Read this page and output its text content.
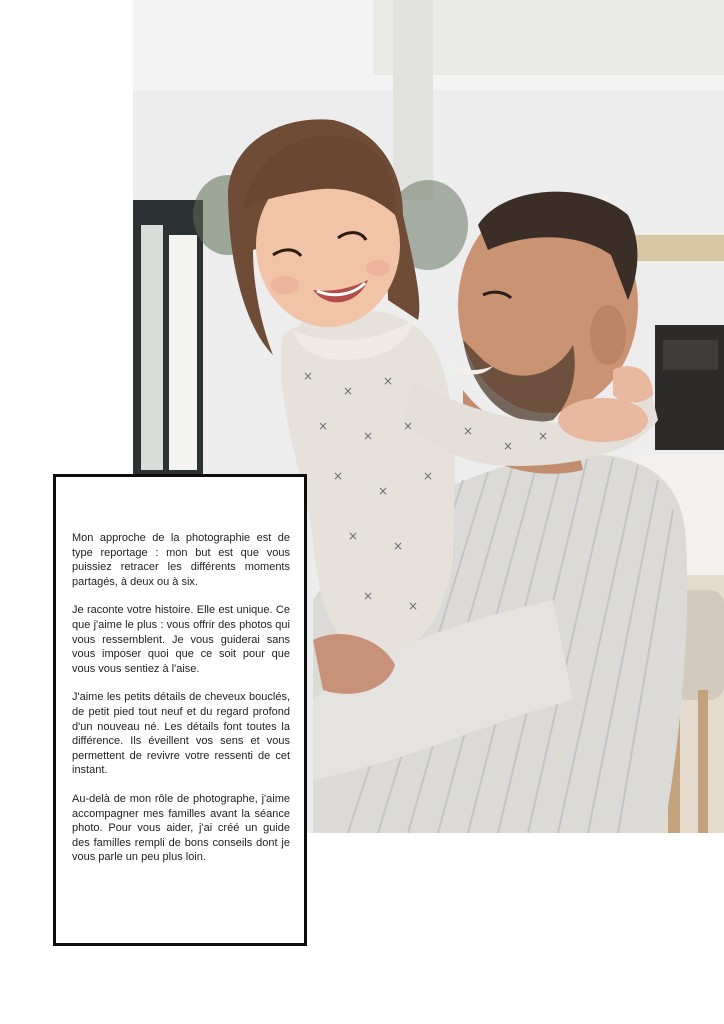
×
×
×
×
×
×
×
×
×
×
×
×
×
×
×
×

Mon approche de la photographie est de type reportage : mon but est que vous puissiez retracer les différents moments partagés, à deux ou à six.

Je raconte votre histoire. Elle est unique. Ce que j'aime le plus : vous offrir des photos qui vous ressemblent. Je vous guiderai sans vous imposer quoi que ce soit pour que vous vous sentiez à l'aise.

J'aime les petits détails de cheveux bouclés, de petit pied tout neuf et du regard profond d'un nouveau né. Les détails font toutes la différence. Ils éveillent vos sens et vous permettent de revivre votre ressenti de cet instant.

Au-delà de mon rôle de photographe, j'aime accompagner mes familles avant la séance photo. Pour vous aider, j'ai créé un guide des familles rempli de bons conseils dont je vous parle un peu plus loin.
